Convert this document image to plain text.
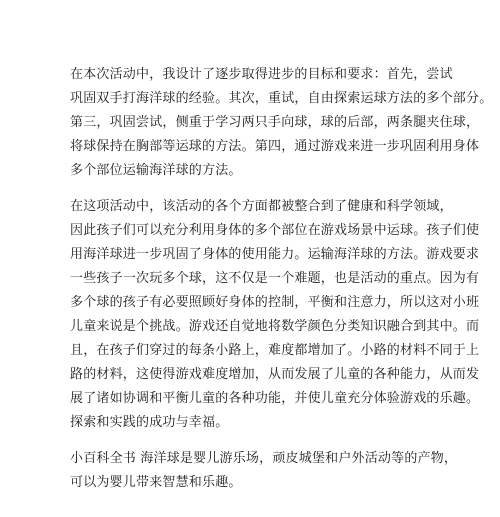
在本次活动中，我设计了逐步取得进步的目标和要求：首先，尝试
巩固双手打海洋球的经验。其次，重试，自由探索运球方法的多个部分。
第三，巩固尝试，侧重于学习两只手向球，球的后部，两条腿夹住球，
将球保持在胸部等运球的方法。第四，通过游戏来进一步巩固利用身体
多个部位运输海洋球的方法。

在这项活动中，该活动的各个方面都被整合到了健康和科学领域，
因此孩子们可以充分利用身体的多个部位在游戏场景中运球。孩子们使
用海洋球进一步巩固了身体的使用能力。运输海洋球的方法。游戏要求
一些孩子一次玩多个球，这不仅是一个难题，也是活动的重点。因为有
多个球的孩子有必要照顾好身体的控制，平衡和注意力，所以这对小班
儿童来说是个挑战。游戏还自觉地将数学颜色分类知识融合到其中。而
且，在孩子们穿过的每条小路上，难度都增加了。小路的材料不同于上
路的材料，这使得游戏难度增加，从而发展了儿童的各种能力，从而发
展了诸如协调和平衡儿童的各种功能，并使儿童充分体验游戏的乐趣。
探索和实践的成功与幸福。

小百科全书 海洋球是婴儿游乐场，顽皮城堡和户外活动等的产物，
可以为婴儿带来智慧和乐趣。
